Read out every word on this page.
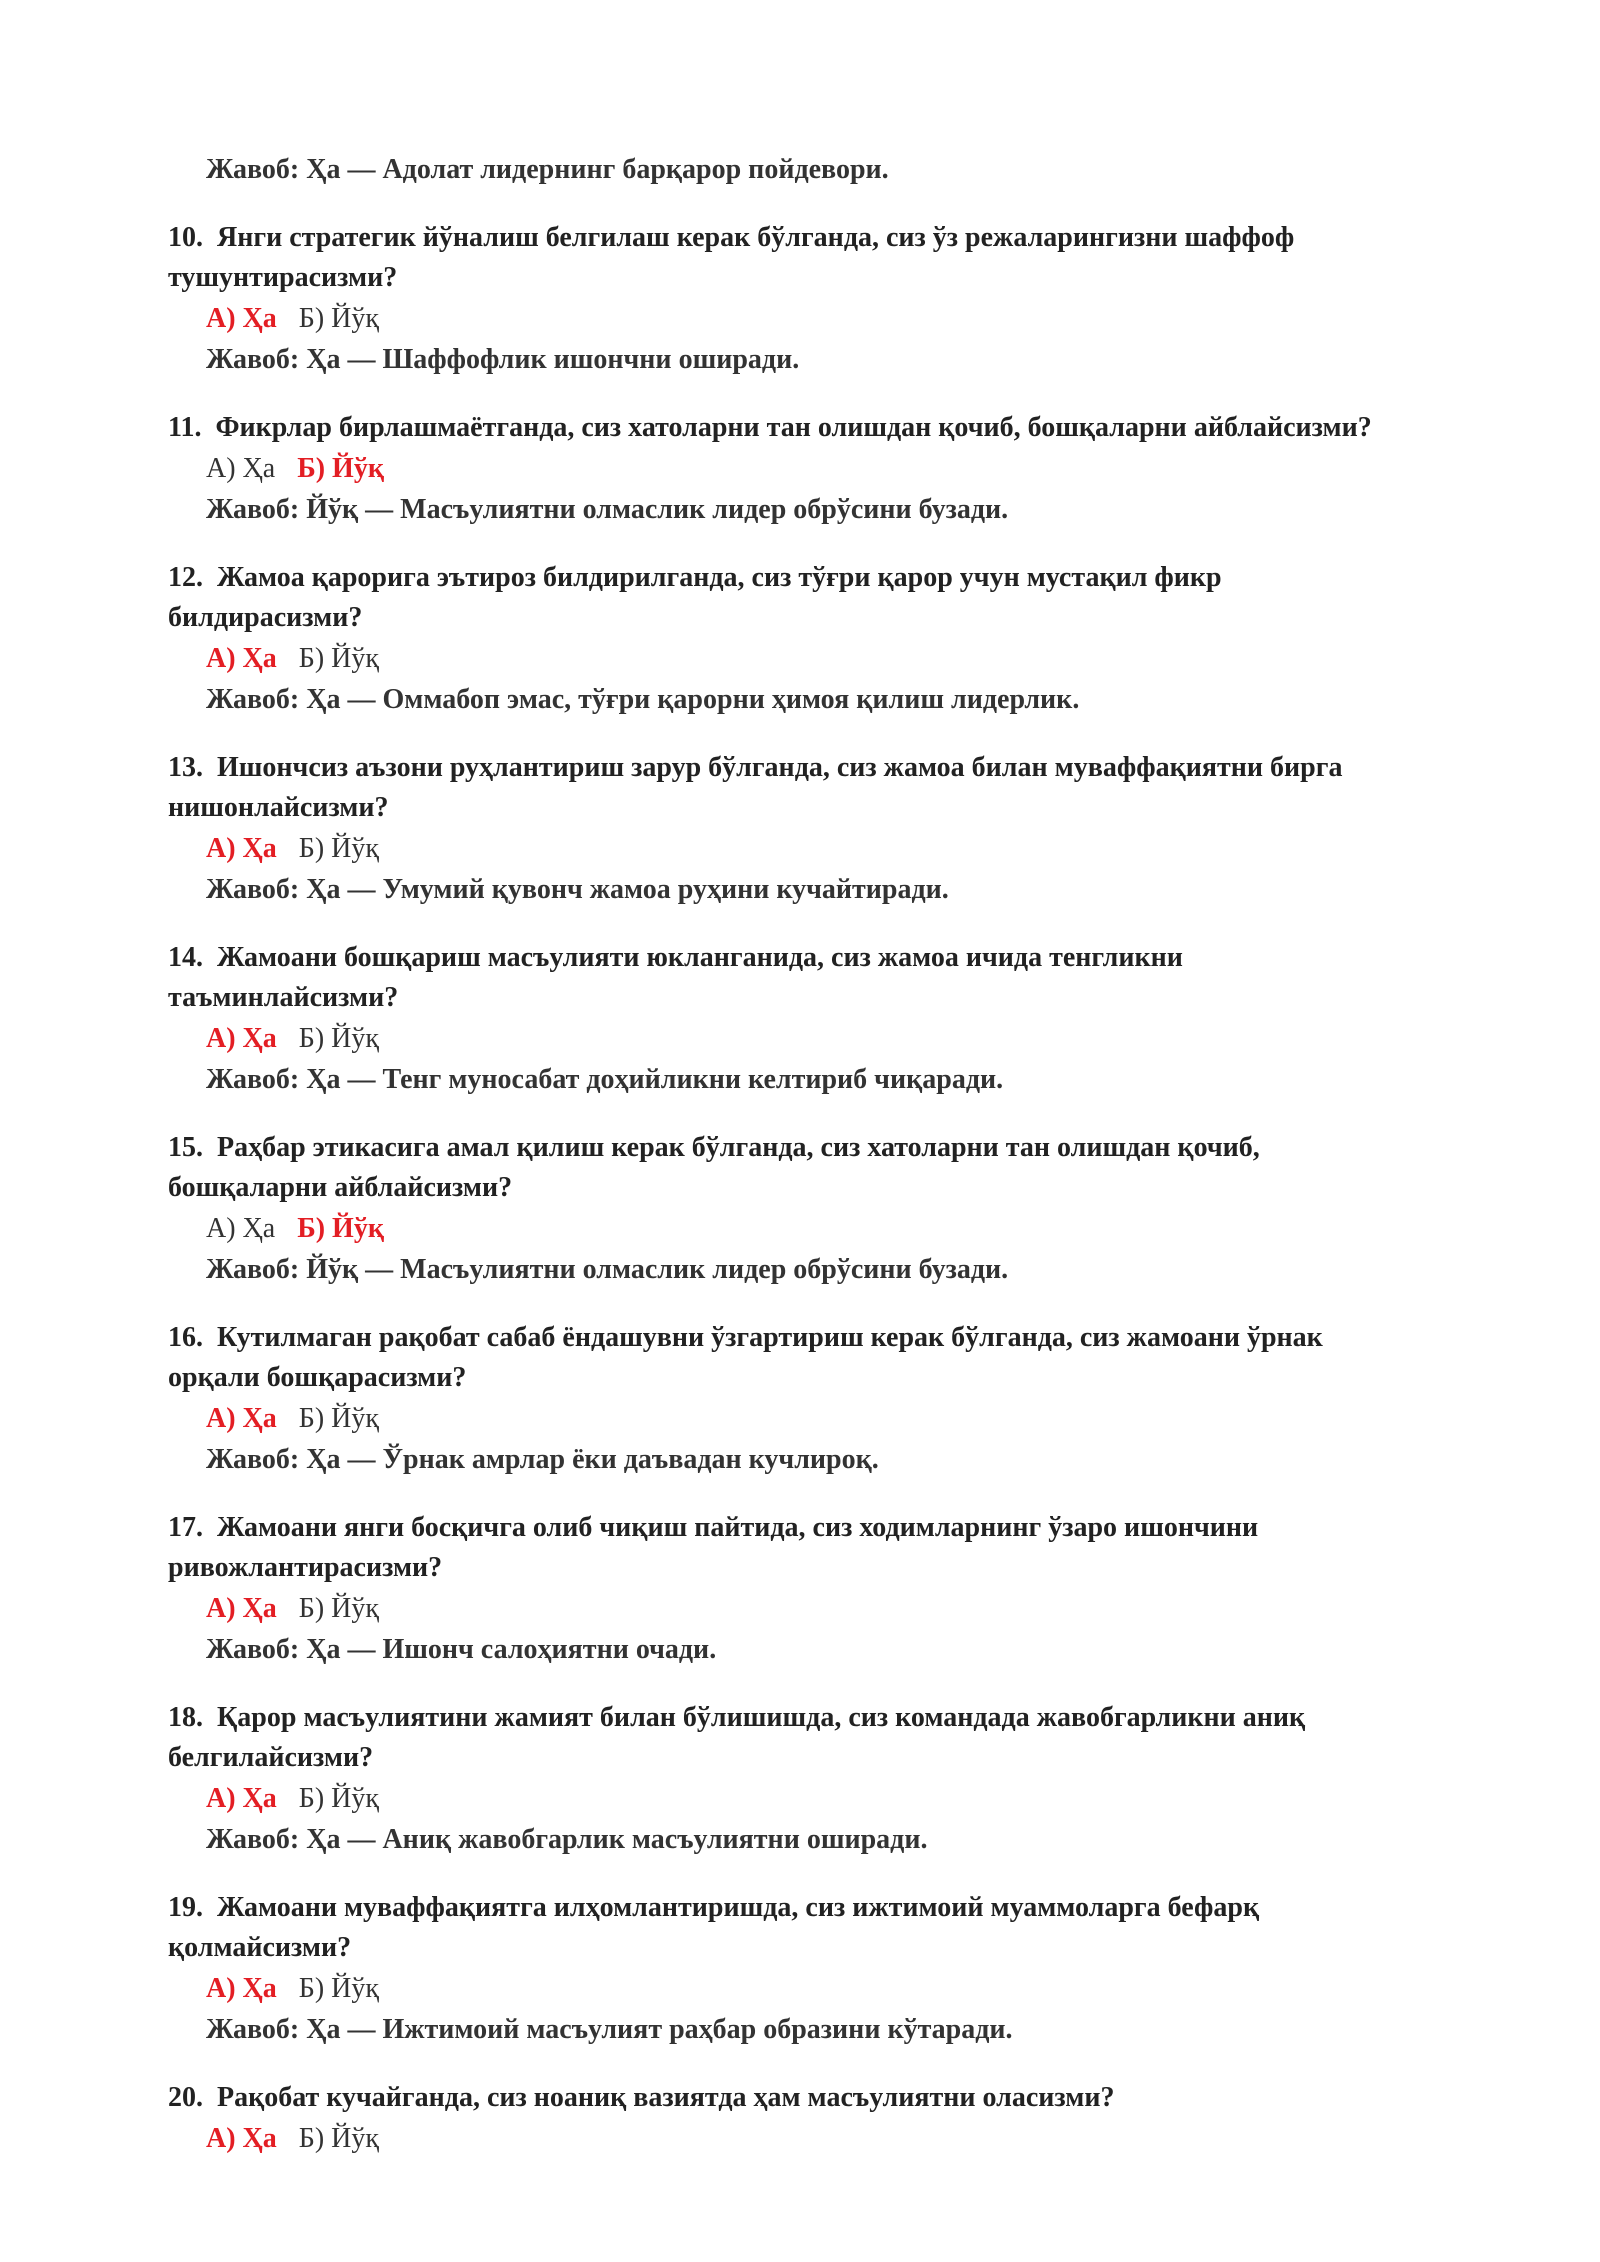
Жавоб: Ҳа — Адолат лидернинг барқарор пойдевори.
10. Янги стратегик йўналиш белгилаш керак бўлганда, сиз ўз режаларингизни шаффоф тушунтирасизми?
А) Ҳа Б) Йўқ
Жавоб: Ҳа — Шаффофлик ишончни оширади.
11. Фикрлар бирлашмаётганда, сиз хатоларни тан олишдан қочиб, бошқаларни айблайсизми?
А) Ҳа Б) Йўқ
Жавоб: Йўқ — Масъулиятни олмаслик лидер обрўсини бузади.
12. Жамоа қарорига эътироз билдирилганда, сиз тўғри қарор учун мустақил фикр билдирасизми?
А) Ҳа Б) Йўқ
Жавоб: Ҳа — Оммабоп эмас, тўғри қарорни ҳимоя қилиш лидерлик.
13. Ишончсиз аъзони руҳлантириш зарур бўлганда, сиз жамоа билан муваффақиятни бирга нишонлайсизми?
А) Ҳа Б) Йўқ
Жавоб: Ҳа — Умумий қувонч жамоа руҳини кучайтиради.
14. Жамоани бошқариш масъулияти юкланганида, сиз жамоа ичида тенгликни таъминлайсизми?
А) Ҳа Б) Йўқ
Жавоб: Ҳа — Тенг муносабат доҳийликни келтириб чиқаради.
15. Раҳбар этикасига амал қилиш керак бўлганда, сиз хатоларни тан олишдан қочиб, бошқаларни айблайсизми?
А) Ҳа Б) Йўқ
Жавоб: Йўқ — Масъулиятни олмаслик лидер обрўсини бузади.
16. Кутилмаган рақобат сабаб ёндашувни ўзгартириш керак бўлганда, сиз жамоани ўрнак орқали бошқарасизми?
А) Ҳа Б) Йўқ
Жавоб: Ҳа — Ўрнак амрлар ёки даъвадан кучлироқ.
17. Жамоани янги босқичга олиб чиқиш пайтида, сиз ходимларнинг ўзаро ишончини ривожлантирасизми?
А) Ҳа Б) Йўқ
Жавоб: Ҳа — Ишонч салоҳиятни очади.
18. Қарор масъулиятини жамият билан бўлишишда, сиз командада жавобгарликни аниқ белгилайсизми?
А) Ҳа Б) Йўқ
Жавоб: Ҳа — Аниқ жавобгарлик масъулиятни оширади.
19. Жамоани муваффақиятга илҳомлантиришда, сиз ижтимоий муаммоларга бефарқ қолмайсизми?
А) Ҳа Б) Йўқ
Жавоб: Ҳа — Ижтимоий масъулият раҳбар образини кўтаради.
20. Рақобат кучайганда, сиз ноаниқ вазиятда ҳам масъулиятни оласизми?
А) Ҳа Б) Йўқ
